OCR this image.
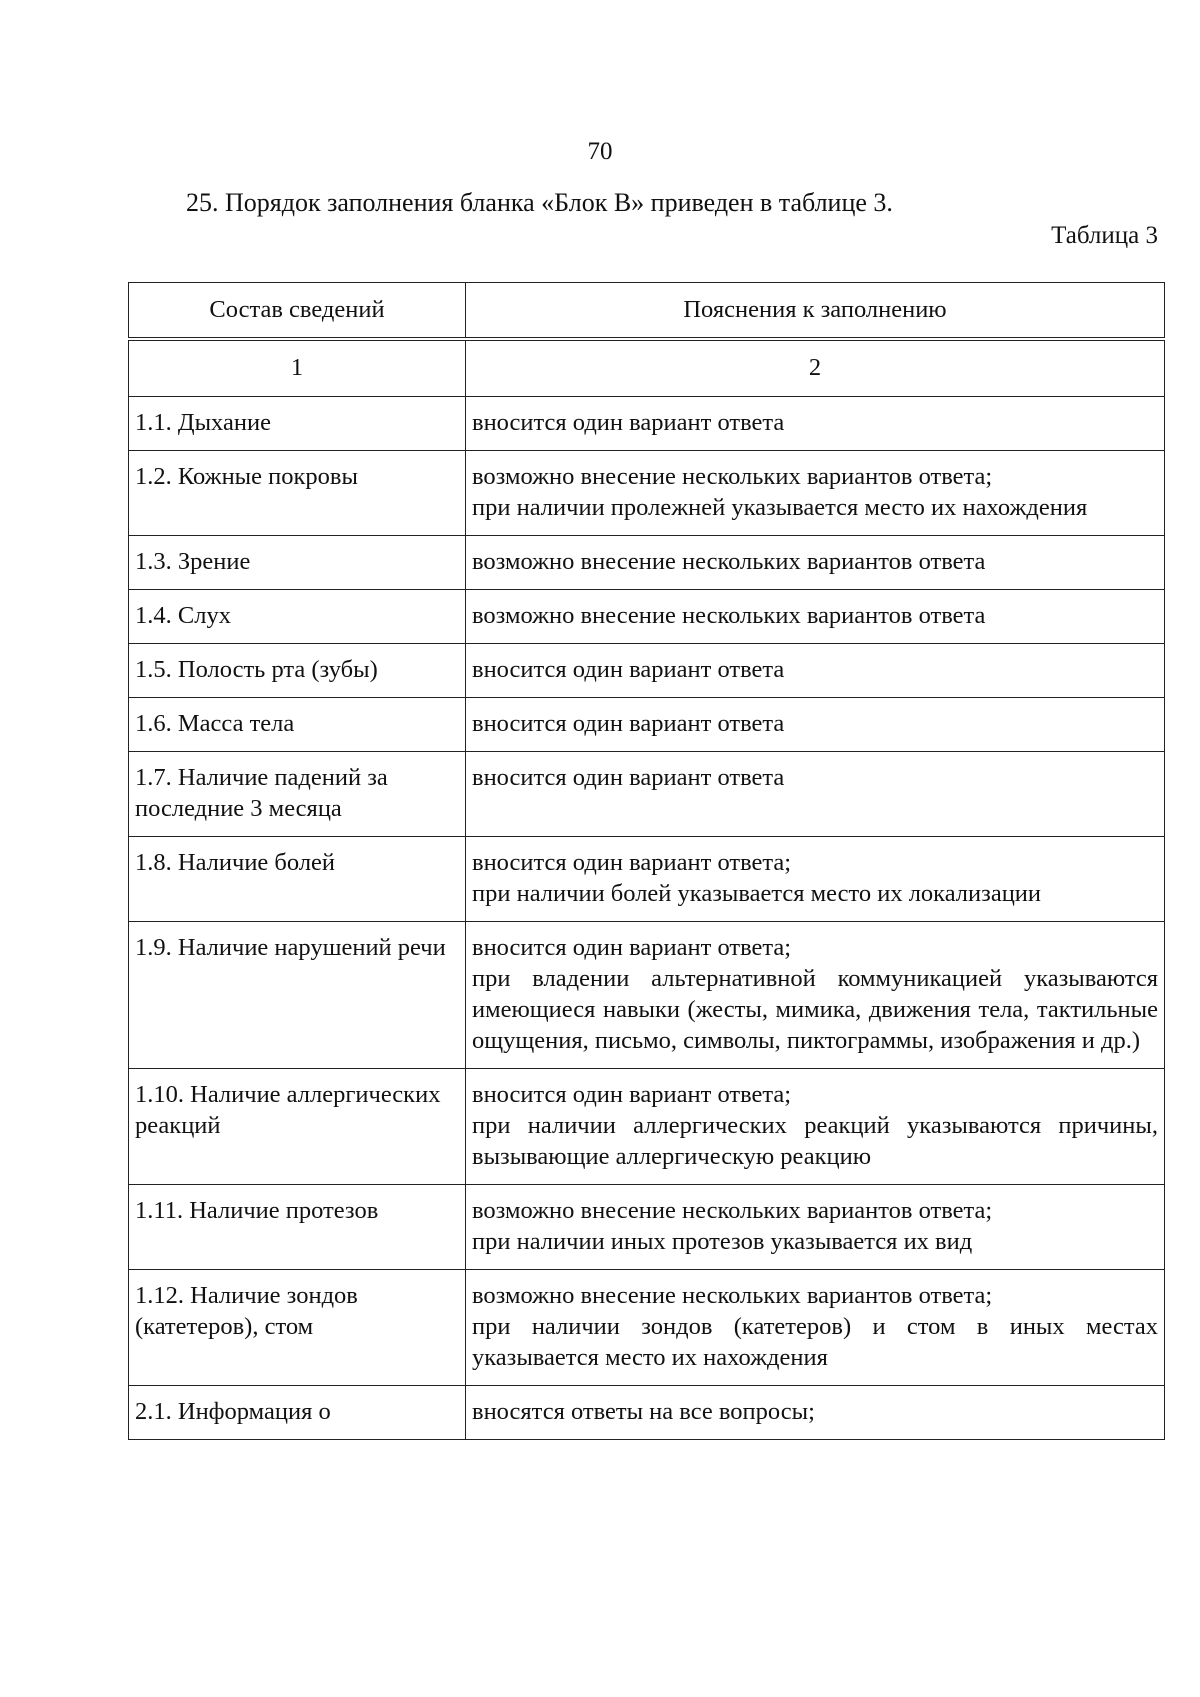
70
25. Порядок заполнения бланка «Блок В» приведен в таблице 3.
Таблица 3
Состав сведений	Пояснения к заполнению
1	2
1.1. Дыхание	вносится один вариант ответа

1.2. Кожные покровы	возможно внесение нескольких вариантов ответа;
при наличии пролежней указывается место их нахождения

1.3. Зрение	возможно внесение нескольких вариантов ответа

1.4. Слух	возможно внесение нескольких вариантов ответа

1.5. Полость рта (зубы)	вносится один вариант ответа

1.6. Масса тела	вносится один вариант ответа

1.7. Наличие падений за последние 3 месяца	вносится один вариант ответа

1.8. Наличие болей	вносится один вариант ответа;
при наличии болей указывается место их локализации

1.9. Наличие нарушений речи	вносится один вариант ответа;
при владении альтернативной коммуникацией указываются имеющиеся навыки (жесты, мимика, движения тела, тактильные ощущения, письмо, символы, пиктограммы, изображения и др.)

1.10. Наличие аллергических реакций	вносится один вариант ответа;
при наличии аллергических реакций указываются причины, вызывающие аллергическую реакцию

1.11. Наличие протезов	возможно внесение нескольких вариантов ответа;
при наличии иных протезов указывается их вид

1.12. Наличие зондов (катетеров), стом	возможно внесение нескольких вариантов ответа;
при наличии зондов (катетеров) и стом в иных местах указывается место их нахождения

2.1. Информация о	вносятся ответы на все вопросы;
